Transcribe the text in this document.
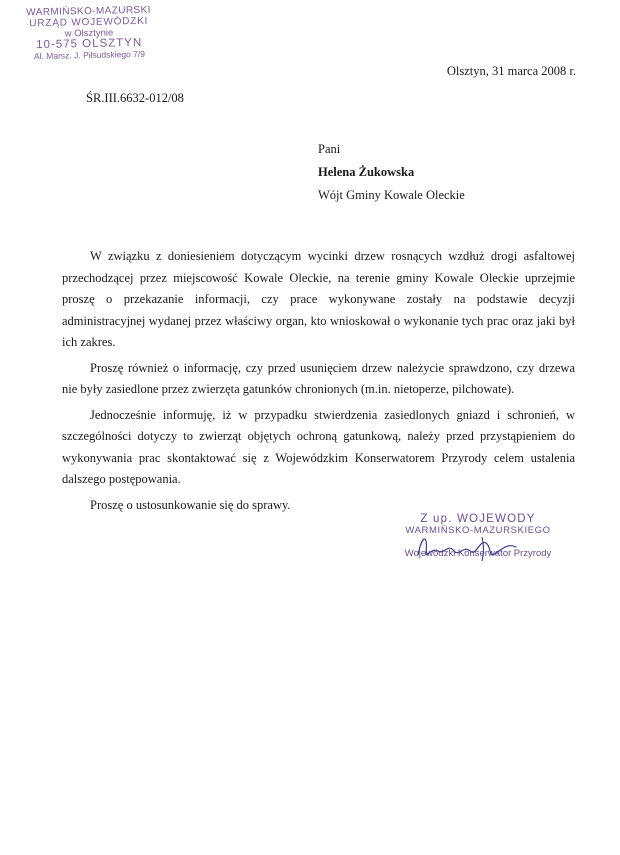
WARMIŃSKO-MAZURSKI
URZĄD WOJEWÓDZKI
w Olsztynie
10-575 OLSZTYN
Al. Marsz. J. Piłsudskiego 7/9
Olsztyn, 31 marca 2008 r.
ŚR.III.6632-012/08
Pani
Helena Żukowska
Wójt Gminy Kowale Oleckie

W związku z doniesieniem dotyczącym wycinki drzew rosnących wzdłuż drogi asfaltowej przechodzącej przez miejscowość Kowale Oleckie, na terenie gminy Kowale Oleckie uprzejmie proszę o przekazanie informacji, czy prace wykonywane zostały na podstawie decyzji administracyjnej wydanej przez właściwy organ, kto wnioskował o wykonanie tych prac oraz jaki był ich zakres.

Proszę również o informację, czy przed usunięciem drzew należycie sprawdzono, czy drzewa nie były zasiedlone przez zwierzęta gatunków chronionych (m.in. nietoperze, pilchowate).

Jednocześnie informuję, iż w przypadku stwierdzenia zasiedlonych gniazd i schronień, w szczególności dotyczy to zwierząt objętych ochroną gatunkową, należy przed przystąpieniem do wykonywania prac skontaktować się z Wojewódzkim Konserwatorem Przyrody celem ustalenia dalszego postępowania.

Proszę o ustosunkowanie się do sprawy.

Z up. WOJEWODY
WARMIŃSKO-MAZURSKIEGO
Wojewódzki Konserwator Przyrody
